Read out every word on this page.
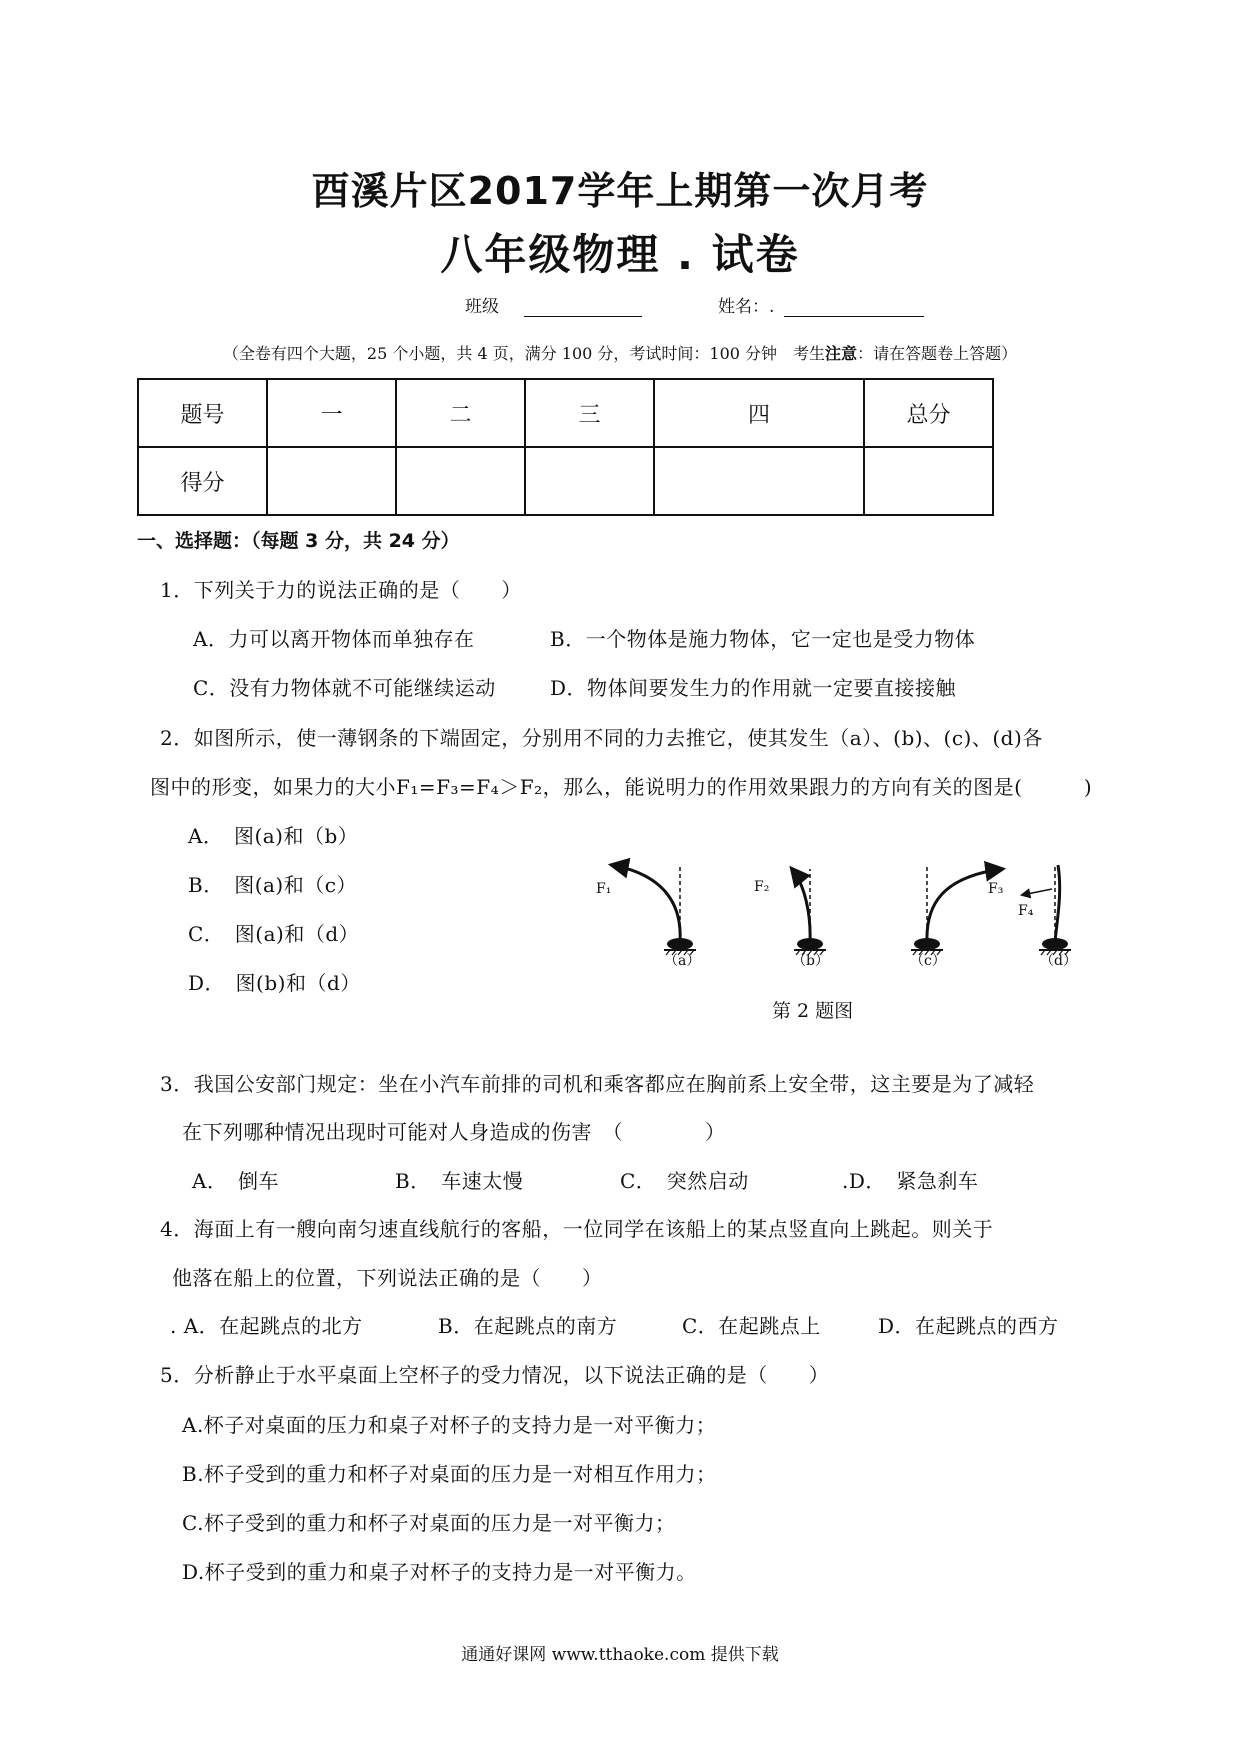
酉溪片区2017学年上期第一次月考
八年级物理 . 试卷
班级	姓名：.
（全卷有四个大题，25 个小题，共 4 页，满分 100 分，考试时间：100 分钟　考生注意：请在答题卷上答题）
题号	一	二	三	四	总分
得分					
一、选择题：（每题 3 分，共 24 分）
1．下列关于力的说法正确的是（　　）
A．力可以离开物体而单独存在	B．一个物体是施力物体，它一定也是受力物体
C．没有力物体就不可能继续运动	D．物体间要发生力的作用就一定要直接接触
2．如图所示，使一薄钢条的下端固定，分别用不同的力去推它，使其发生（a）、(b)、(c)、(d)各
图中的形变，如果力的大小F₁=F₃=F₄＞F₂，那么，能说明力的作用效果跟力的方向有关的图是(　　　)
A．　图(a)和（b）
B．　图(a)和（c）
C．　图(a)和（d）
D．　图(b)和（d）
F₁
（a）
F₂
（b）
F₃
（c）
F₄
（d）
第 2 题图
3．我国公安部门规定：坐在小汽车前排的司机和乘客都应在胸前系上安全带，这主要是为了减轻
在下列哪种情况出现时可能对人身造成的伤害　（　　　　）
A．　倒车	B．　车速太慢	C．　突然启动	.D．　紧急刹车
4．海面上有一艘向南匀速直线航行的客船，一位同学在该船上的某点竖直向上跳起。则关于
他落在船上的位置，下列说法正确的是（　　）
. A．在起跳点的北方	B．在起跳点的南方	C．在起跳点上	D．在起跳点的西方
5．分析静止于水平桌面上空杯子的受力情况，以下说法正确的是（　　）
A.杯子对桌面的压力和桌子对杯子的支持力是一对平衡力；
B.杯子受到的重力和杯子对桌面的压力是一对相互作用力；
C.杯子受到的重力和杯子对桌面的压力是一对平衡力；
D.杯子受到的重力和桌子对杯子的支持力是一对平衡力。
通通好课网 www.tthaoke.com 提供下载
